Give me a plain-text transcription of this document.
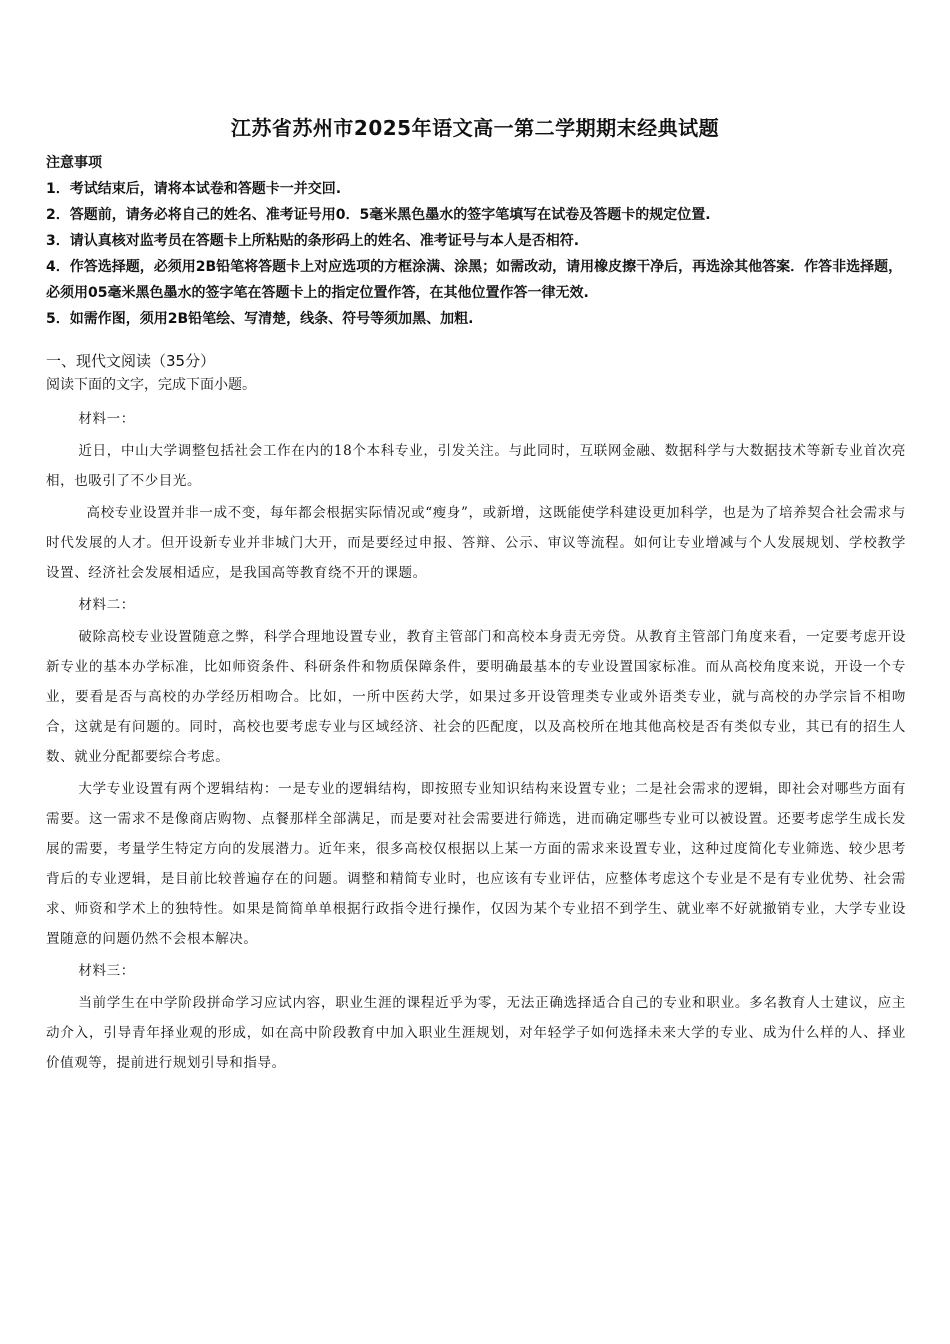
江苏省苏州市2025年语文高一第二学期期末经典试题
注意事项
1．考试结束后，请将本试卷和答题卡一并交回.
2．答题前，请务必将自己的姓名、准考证号用0．5毫米黑色墨水的签字笔填写在试卷及答题卡的规定位置.
3．请认真核对监考员在答题卡上所粘贴的条形码上的姓名、准考证号与本人是否相符.
4．作答选择题，必须用2B铅笔将答题卡上对应选项的方框涂满、涂黑；如需改动，请用橡皮擦干净后，再选涂其他答案．作答非选择题，必须用05毫米黑色墨水的签字笔在答题卡上的指定位置作答，在其他位置作答一律无效.
5．如需作图，须用2B铅笔绘、写清楚，线条、符号等须加黑、加粗.
一、现代文阅读（35分）
阅读下面的文字，完成下面小题。

材料一：

近日，中山大学调整包括社会工作在内的18个本科专业，引发关注。与此同时，互联网金融、数据科学与大数据技术等新专业首次亮相，也吸引了不少目光。

高校专业设置并非一成不变，每年都会根据实际情况或“瘦身”，或新增，这既能使学科建设更加科学，也是为了培养契合社会需求与时代发展的人才。但开设新专业并非城门大开，而是要经过申报、答辩、公示、审议等流程。如何让专业增减与个人发展规划、学校教学设置、经济社会发展相适应，是我国高等教育绕不开的课题。

材料二：

破除高校专业设置随意之弊，科学合理地设置专业，教育主管部门和高校本身责无旁贷。从教育主管部门角度来看，一定要考虑开设新专业的基本办学标准，比如师资条件、科研条件和物质保障条件，要明确最基本的专业设置国家标准。而从高校角度来说，开设一个专业，要看是否与高校的办学经历相吻合。比如，一所中医药大学，如果过多开设管理类专业或外语类专业，就与高校的办学宗旨不相吻合，这就是有问题的。同时，高校也要考虑专业与区域经济、社会的匹配度，以及高校所在地其他高校是否有类似专业，其已有的招生人数、就业分配都要综合考虑。

大学专业设置有两个逻辑结构：一是专业的逻辑结构，即按照专业知识结构来设置专业；二是社会需求的逻辑，即社会对哪些方面有需要。这一需求不是像商店购物、点餐那样全部满足，而是要对社会需要进行筛选，进而确定哪些专业可以被设置。还要考虑学生成长发展的需要，考量学生特定方向的发展潜力。近年来，很多高校仅根据以上某一方面的需求来设置专业，这种过度简化专业筛选、较少思考背后的专业逻辑，是目前比较普遍存在的问题。调整和精简专业时，也应该有专业评估，应整体考虑这个专业是不是有专业优势、社会需求、师资和学术上的独特性。如果是简简单单根据行政指令进行操作，仅因为某个专业招不到学生、就业率不好就撤销专业，大学专业设置随意的问题仍然不会根本解决。

材料三：

当前学生在中学阶段拼命学习应试内容，职业生涯的课程近乎为零，无法正确选择适合自己的专业和职业。多名教育人士建议，应主动介入，引导青年择业观的形成，如在高中阶段教育中加入职业生涯规划，对年轻学子如何选择未来大学的专业、成为什么样的人、择业价值观等，提前进行规划引导和指导。
